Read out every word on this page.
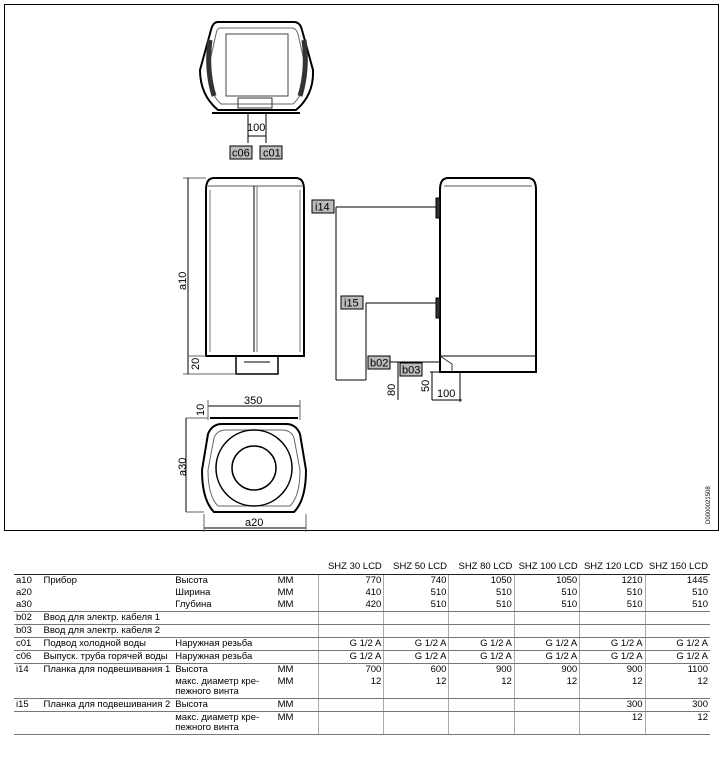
c06 c01
i14
i15
b02
b03
100
a10
20
80 50
100
350
10
a30
a20	D0000021508
				SHZ 30 LCD	SHZ 50 LCD	SHZ 80 LCD	SHZ 100 LCD	SHZ 120 LCD	SHZ 150 LCD
a10	Прибор	Высота	MM	770	740	1050	1050	1210	1445
a20		Ширина	MM	410	510	510	510	510	510
a30		Глубина	MM	420	510	510	510	510	510
b02	Ввод для электр. кабеля 1								
b03	Ввод для электр. кабеля 2								
c01	Подвод холодной воды	Наружная резьба		G 1/2 A	G 1/2 A	G 1/2 A	G 1/2 A	G 1/2 A	G 1/2 A
c06	Выпуск. труба горячей воды	Наружная резьба		G 1/2 A	G 1/2 A	G 1/2 A	G 1/2 A	G 1/2 A	G 1/2 A
i14	Планка для подвешивания 1	Высота	MM	700	600	900	900	900	1100
		макс. диаметр кре-
пежного винта	MM	12	12	12	12	12	12
i15	Планка для подвешивания 2	Высота	MM					300	300
		макс. диаметр кре-
пежного винта	MM					12	12
